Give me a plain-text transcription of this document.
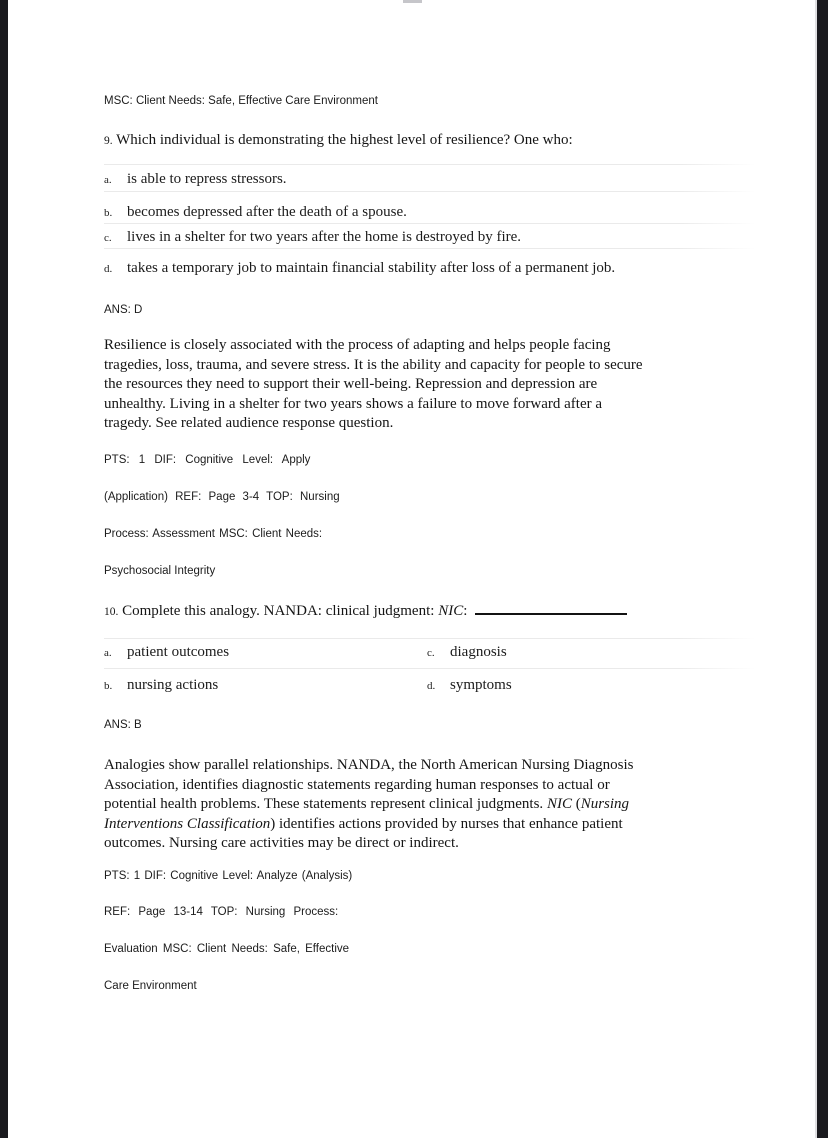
MSC: Client Needs: Safe, Effective Care Environment
9. Which individual is demonstrating the highest level of resilience? One who:
a. is able to repress stressors.
b. becomes depressed after the death of a spouse.
c. lives in a shelter for two years after the home is destroyed by fire.
d. takes a temporary job to maintain financial stability after loss of a permanent job.
ANS: D
Resilience is closely associated with the process of adapting and helps people facing
tragedies, loss, trauma, and severe stress. It is the ability and capacity for people to secure
the resources they need to support their well-being. Repression and depression are
unhealthy. Living in a shelter for two years shows a failure to move forward after a
tragedy. See related audience response question.
PTS: 1 DIF: Cognitive Level: Apply
(Application) REF: Page 3-4 TOP: Nursing
Process: Assessment MSC: Client Needs:
Psychosocial Integrity
10. Complete this analogy. NANDA: clinical judgment: NIC:
a. patient outcomes	c. diagnosis
b. nursing actions	d. symptoms
ANS: B
Analogies show parallel relationships. NANDA, the North American Nursing Diagnosis
Association, identifies diagnostic statements regarding human responses to actual or
potential health problems. These statements represent clinical judgments. NIC (Nursing
Interventions Classification) identifies actions provided by nurses that enhance patient
outcomes. Nursing care activities may be direct or indirect.
PTS: 1 DIF: Cognitive Level: Analyze (Analysis)
REF: Page 13-14 TOP: Nursing Process:
Evaluation MSC: Client Needs: Safe, Effective
Care Environment
